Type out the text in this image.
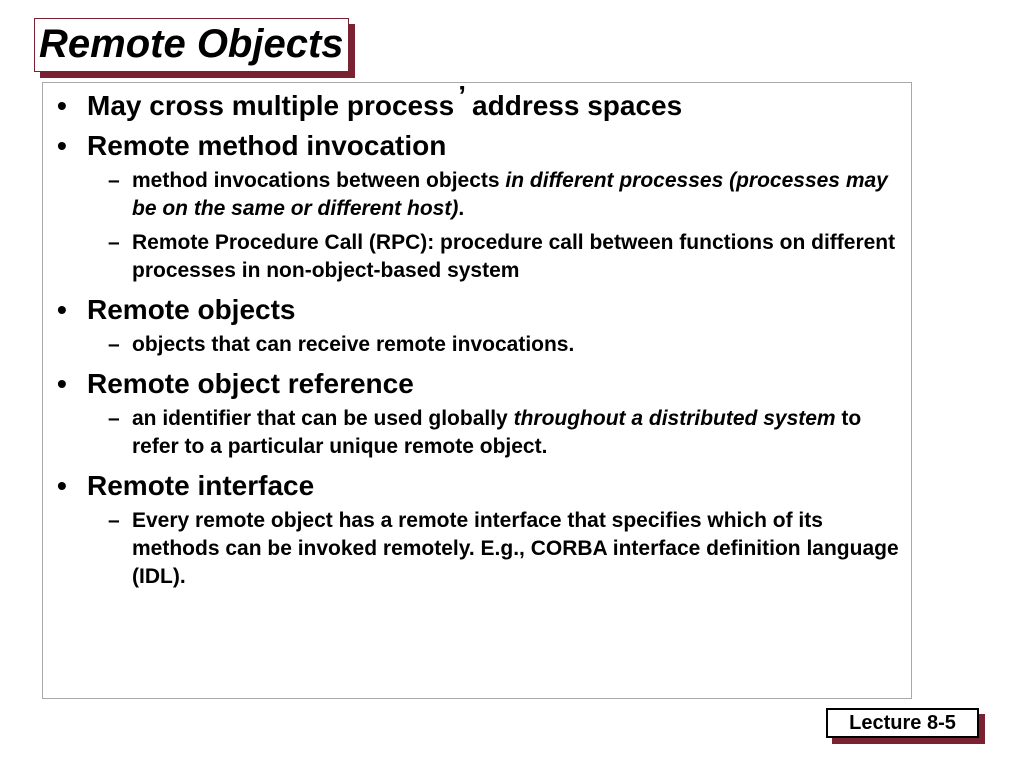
Remote Objects
• May cross multiple process ’ address spaces
• Remote method invocation
– method invocations between objects in different processes (processes may be on the same or different host).
– Remote Procedure Call (RPC): procedure call between functions on different processes in non-object-based system
• Remote objects
– objects that can receive remote invocations.
• Remote object reference
– an identifier that can be used globally throughout a distributed system to refer to a particular unique remote object.
• Remote interface
– Every remote object has a remote interface that specifies which of its methods can be invoked remotely. E.g., CORBA interface definition language (IDL).
Lecture 8-5
